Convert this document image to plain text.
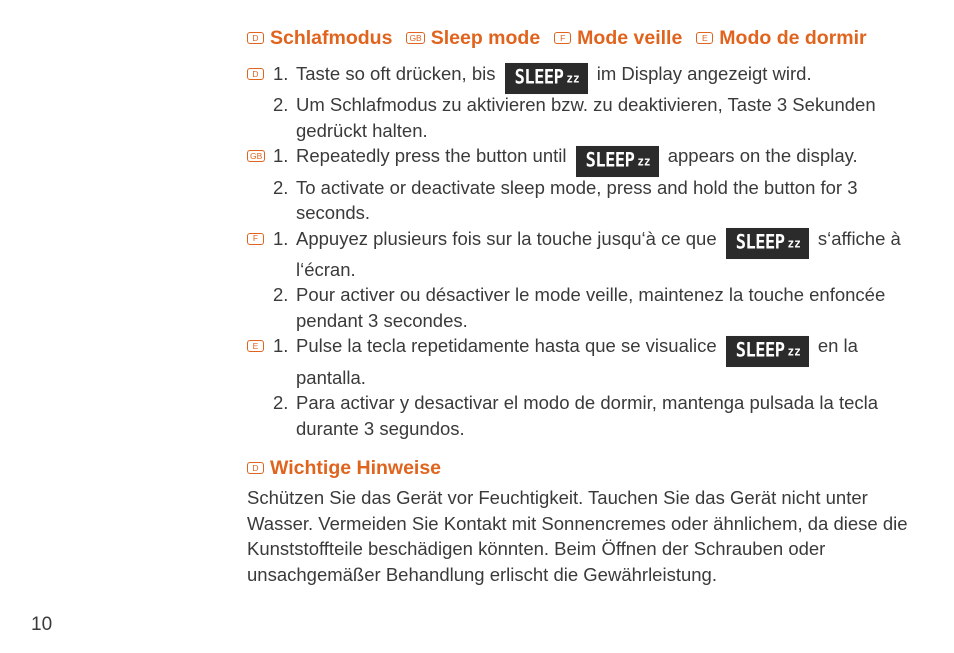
D Schlafmodus	GB Sleep mode	F Mode veille	E Modo de dormir
D 1. Taste so oft drücken, bis SLEEP zz im Display angezeigt wird.
2. Um Schlafmodus zu aktivieren bzw. zu deaktivieren, Taste 3 Sekunden gedrückt halten.
GB 1. Repeatedly press the button until SLEEP zz appears on the display.
2. To activate or deactivate sleep mode, press and hold the button for 3 seconds.
F 1. Appuyez plusieurs fois sur la touche jusqu‘à ce que SLEEP zz s‘affiche à l‘écran.
2. Pour activer ou désactiver le mode veille, maintenez la touche enfoncée pendant 3 secondes.
E 1. Pulse la tecla repetidamente hasta que se visualice SLEEP zz en la pantalla.
2. Para activar y desactivar el modo de dormir, mantenga pulsada la tecla durante 3 segundos.
D Wichtige Hinweise

Schützen Sie das Gerät vor Feuchtigkeit. Tauchen Sie das Gerät nicht unter Wasser. Vermeiden Sie Kontakt mit Sonnencremes oder ähnlichem, da diese die Kunststoffteile beschädigen könnten. Beim Öffnen der Schrauben oder unsachgemäßer Behandlung erlischt die Gewährleistung.

10
